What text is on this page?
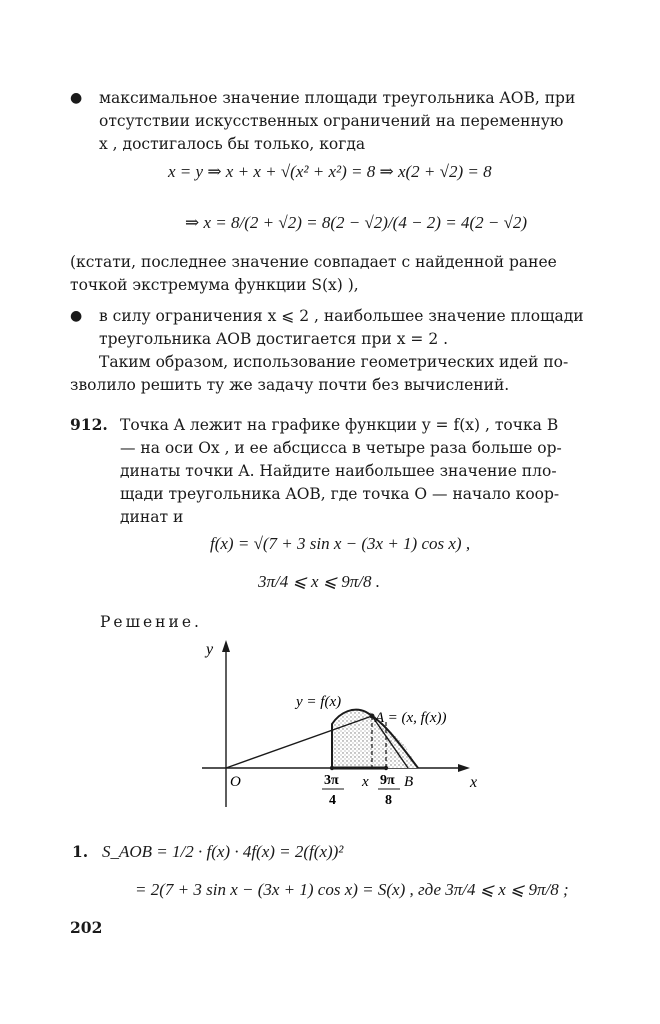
● максимальное значение площади треугольника AOB, при
отсутствии искусственных ограничений на переменную
x , достигалось бы только, когда
x = y ⇒ x + x + √(x² + x²) = 8 ⇒ x(2 + √2) = 8
⇒ x = 8/(2 + √2) = 8(2 − √2)/(4 − 2) = 4(2 − √2)
(кстати, последнее значение совпадает с найденной ранее
точкой экстремума функции S(x) ),
● в силу ограничения x ⩽ 2 , наибольшее значение площади
треугольника AOB достигается при x = 2 .
Таким образом, использование геометрических идей по-
зволило решить ту же задачу почти без вычислений.
912. Точка A лежит на графике функции y = f(x) , точка B
— на оси Ox , и ее абсцисса в четыре раза больше ор-
динаты точки A. Найдите наибольшее значение пло-
щади треугольника AOB, где точка O — начало коор-
динат и
f(x) = √(7 + 3 sin x − (3x + 1) cos x) ,
3π/4 ⩽ x ⩽ 9π/8 .
Решение.
y
x
O
y = f(x)
A = (x, f(x))
3π
4
x 9π
8
B
1. S_AOB = 1/2 · f(x) · 4f(x) = 2(f(x))²
= 2(7 + 3 sin x − (3x + 1) cos x) = S(x) , где 3π/4 ⩽ x ⩽ 9π/8 ;
202
